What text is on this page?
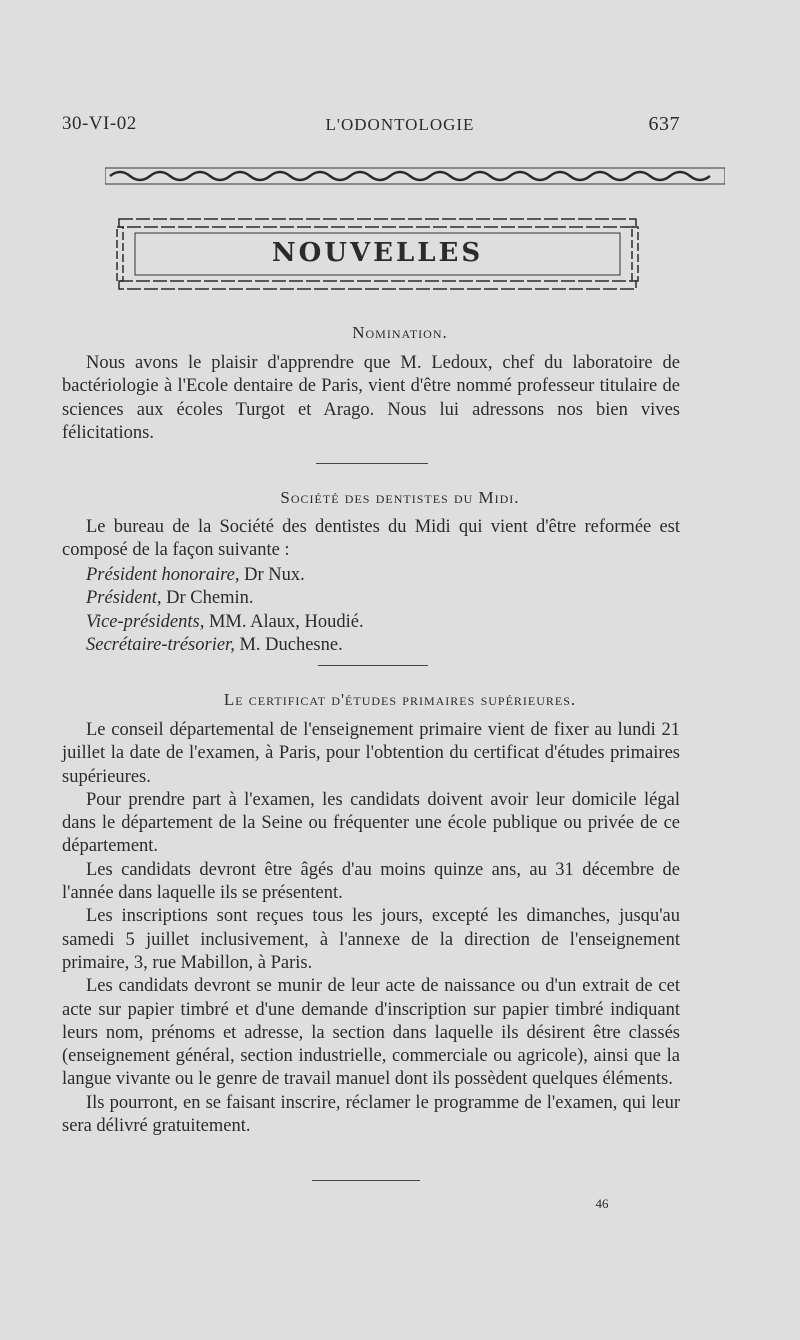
30-VI-02	L'ODONTOLOGIE	637
NOUVELLES
Nomination.

Nous avons le plaisir d'apprendre que M. Ledoux, chef du laboratoire de bactériologie à l'Ecole dentaire de Paris, vient d'être nommé professeur titulaire de sciences aux écoles Turgot et Arago. Nous lui adressons nos bien vives félicitations.

Société des dentistes du Midi.

Le bureau de la Société des dentistes du Midi qui vient d'être reformée est composé de la façon suivante :

Président honoraire, Dr Nux.

Président, Dr Chemin.

Vice-présidents, MM. Alaux, Houdié.

Secrétaire-trésorier, M. Duchesne.

Le certificat d'études primaires supérieures.

Le conseil départemental de l'enseignement primaire vient de fixer au lundi 21 juillet la date de l'examen, à Paris, pour l'obtention du certificat d'études primaires supérieures.

Pour prendre part à l'examen, les candidats doivent avoir leur domicile légal dans le département de la Seine ou fréquenter une école publique ou privée de ce département.

Les candidats devront être âgés d'au moins quinze ans, au 31 décembre de l'année dans laquelle ils se présentent.

Les inscriptions sont reçues tous les jours, excepté les dimanches, jusqu'au samedi 5 juillet inclusivement, à l'annexe de la direction de l'enseignement primaire, 3, rue Mabillon, à Paris.

Les candidats devront se munir de leur acte de naissance ou d'un extrait de cet acte sur papier timbré et d'une demande d'inscription sur papier timbré indiquant leurs nom, prénoms et adresse, la section dans laquelle ils désirent être classés (enseignement général, section industrielle, commerciale ou agricole), ainsi que la langue vivante ou le genre de travail manuel dont ils possèdent quelques éléments.

Ils pourront, en se faisant inscrire, réclamer le programme de l'examen, qui leur sera délivré gratuitement.

46
